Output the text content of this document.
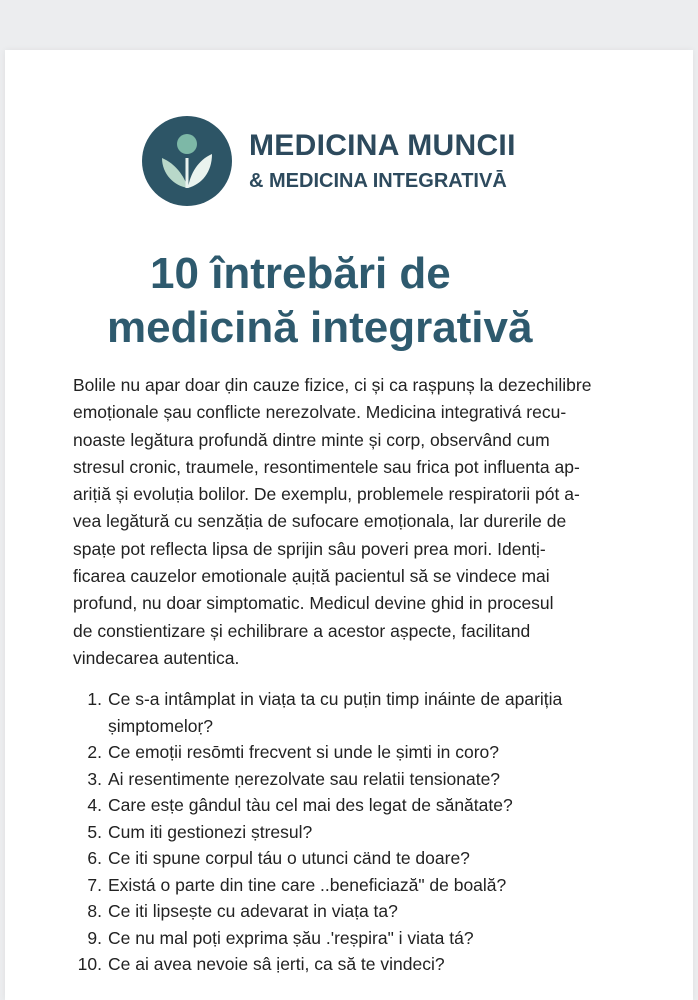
MEDICINA MUNCII
& MEDICINA INTEGRATIVĀ
10 întrebări de
medicină integrativă

Bolile nu apar doar ḍin cauze fizice, ci și ca rașpunș la dezechilibre
emoṭionale șau conflicte nerezolvate. Medicina integrativá recu-
noaste legătura profundă dintre minte și corp, observând cum
stresul cronic, traumele, resontimentele sau frica pot influenta ap-
ariṭiă și evoluṭia bolilor. De exemplu, problemele respiratorii pót a-
vea legătură cu senzăṭia de sufocare emoṭionala, lar durerile de
spaṭe pot reflecta lipsa de sprijin sâu poveri prea mori. Identị-
ficarea cauzelor emotionale ạuịtă pacientul să se vindece mai
profund, nu doar simptomatic. Medicul devine ghid in procesul
de constientizare și echilibrare a acestor aṣpecte, facilitand
vindecarea autentica.

1. Ce s-a intâmplat in viaṭa ta cu puṭin timp ináinte de apariția
ṣimptomeloṛ?
2. Ce emoṭii resōmti frecvent si unde le ṣimti in coro?
3. Ai resentimente ṇerezolvate sau relatii tensionate?
4. Care esṭe gândul tàu cel mai des legat de sănătate?
5. Cum iti gestionezi ṣtresul?
6. Ce iti spune corpul táu o utunci cänd te doare?
7. Existá o parte din tine care ..beneficiază" de boală?
8. Ce iti lipseṣte cu adevarat in viaṭa ta?
9. Ce nu mal poṭi exprima ṣău .'reṣpira" i viata tá?
10. Ce ai avea nevoie sâ ịerti, ca să te vindeci?
